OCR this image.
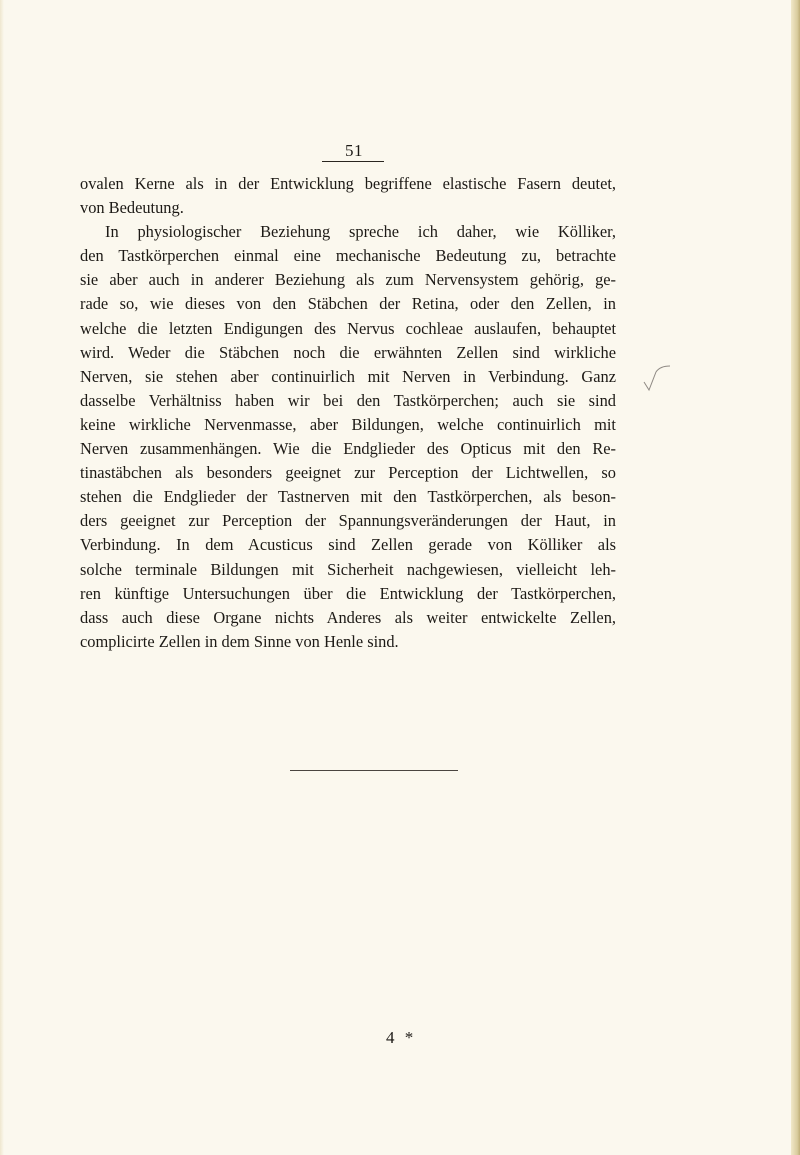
51
ovalen Kerne als in der Entwicklung begriffene elastische Fasern deutet,
von Bedeutung.
In physiologischer Beziehung spreche ich daher, wie Kölliker,
den Tastkörperchen einmal eine mechanische Bedeutung zu, betrachte
sie aber auch in anderer Beziehung als zum Nervensystem gehörig, ge-
rade so, wie dieses von den Stäbchen der Retina, oder den Zellen, in
welche die letzten Endigungen des Nervus cochleae auslaufen, behauptet
wird. Weder die Stäbchen noch die erwähnten Zellen sind wirkliche
Nerven, sie stehen aber continuirlich mit Nerven in Verbindung. Ganz
dasselbe Verhältniss haben wir bei den Tastkörperchen; auch sie sind
keine wirkliche Nervenmasse, aber Bildungen, welche continuirlich mit
Nerven zusammenhängen. Wie die Endglieder des Opticus mit den Re-
tinastäbchen als besonders geeignet zur Perception der Lichtwellen, so
stehen die Endglieder der Tastnerven mit den Tastkörperchen, als beson-
ders geeignet zur Perception der Spannungsveränderungen der Haut, in
Verbindung. In dem Acusticus sind Zellen gerade von Kölliker als
solche terminale Bildungen mit Sicherheit nachgewiesen, vielleicht leh-
ren künftige Untersuchungen über die Entwicklung der Tastkörperchen,
dass auch diese Organe nichts Anderes als weiter entwickelte Zellen,
complicirte Zellen in dem Sinne von Henle sind.
4 *
